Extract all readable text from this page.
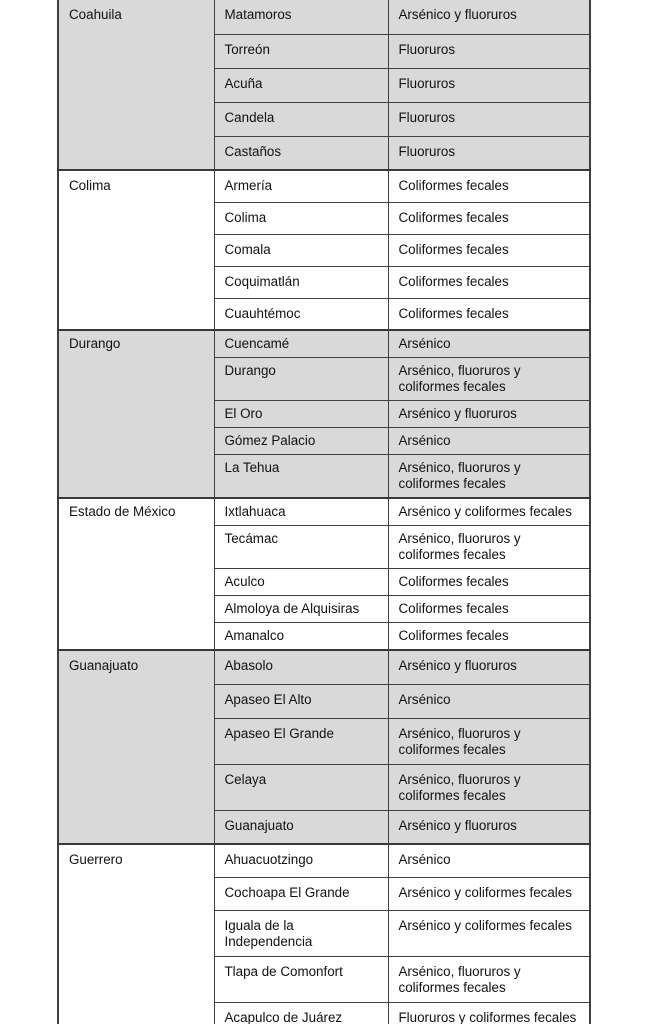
Coahuila	Matamoros	Arsénico y fluoruros
	Torreón	Fluoruros
	Acuña	Fluoruros
	Candela	Fluoruros
	Castaños	Fluoruros
Colima	Armería	Coliformes fecales
	Colima	Coliformes fecales
	Comala	Coliformes fecales
	Coquimatlán	Coliformes fecales
	Cuauhtémoc	Coliformes fecales
Durango	Cuencamé	Arsénico
	Durango	Arsénico, fluoruros y coliformes fecales
	El Oro	Arsénico y fluoruros
	Gómez Palacio	Arsénico
	La Tehua	Arsénico, fluoruros y coliformes fecales
Estado de México	Ixtlahuaca	Arsénico y coliformes fecales
	Tecámac	Arsénico, fluoruros y coliformes fecales
	Aculco	Coliformes fecales
	Almoloya de Alquisiras	Coliformes fecales
	Amanalco	Coliformes fecales
Guanajuato	Abasolo	Arsénico y fluoruros
	Apaseo El Alto	Arsénico
	Apaseo El Grande	Arsénico, fluoruros y coliformes fecales
	Celaya	Arsénico, fluoruros y coliformes fecales
	Guanajuato	Arsénico y fluoruros
Guerrero	Ahuacuotzingo	Arsénico
	Cochoapa El Grande	Arsénico y coliformes fecales
	Iguala de la Independencia	Arsénico y coliformes fecales
	Tlapa de Comonfort	Arsénico, fluoruros y coliformes fecales
	Acapulco de Juárez	Fluoruros y coliformes fecales
